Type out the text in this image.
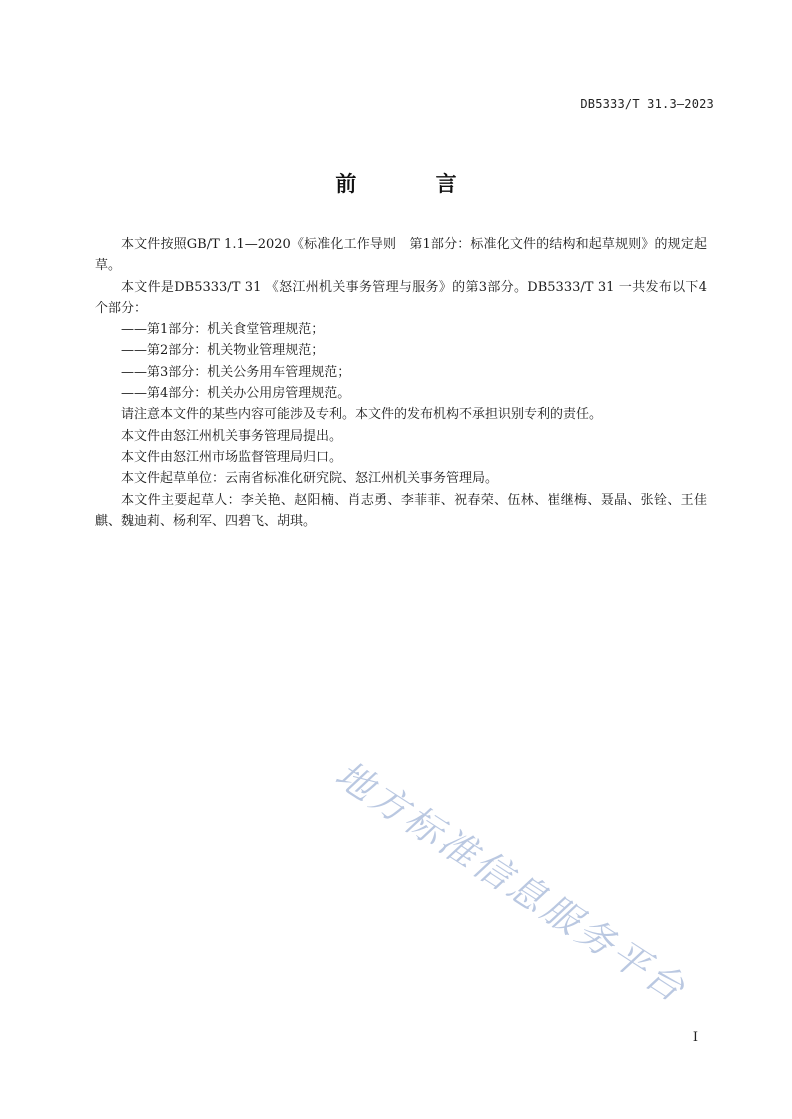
DB5333/T 31.3—2023
前 言

本文件按照GB/T 1.1—2020《标准化工作导则　第1部分：标准化文件的结构和起草规则》的规定起草。

本文件是DB5333/T 31 《怒江州机关事务管理与服务》的第3部分。DB5333/T 31 一共发布以下4个部分：

——第1部分：机关食堂管理规范；

——第2部分：机关物业管理规范；

——第3部分：机关公务用车管理规范；

——第4部分：机关办公用房管理规范。

请注意本文件的某些内容可能涉及专利。本文件的发布机构不承担识别专利的责任。

本文件由怒江州机关事务管理局提出。

本文件由怒江州市场监督管理局归口。

本文件起草单位：云南省标准化研究院、怒江州机关事务管理局。

本文件主要起草人：李关艳、赵阳楠、肖志勇、李菲菲、祝春荣、伍林、崔继梅、聂晶、张铨、王佳麒、魏迪莉、杨利军、四碧飞、胡琪。

地方标准信息服务平台
I
